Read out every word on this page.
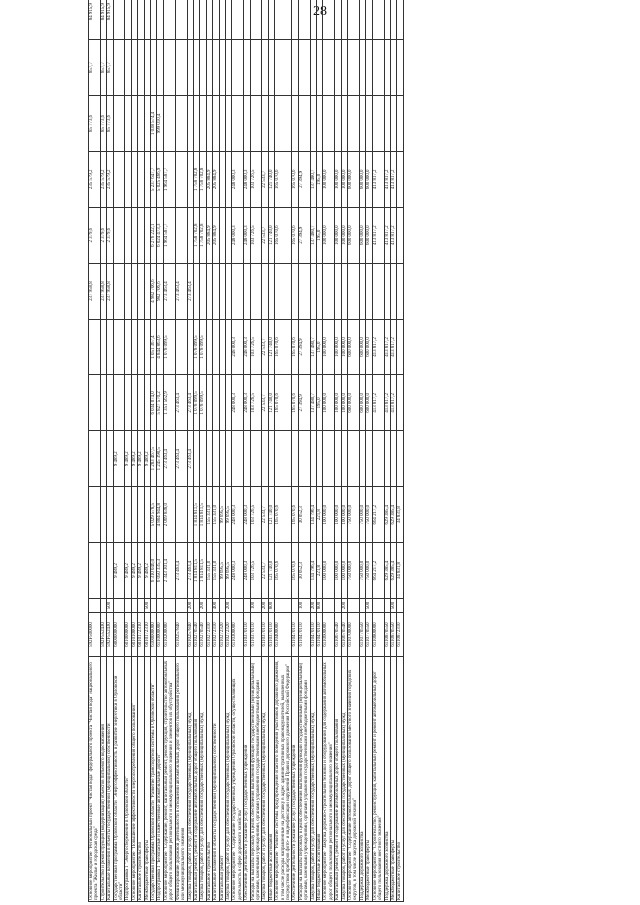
28
Основное мероприятие "Региональный проект "Чистая вода" федерального проекта "Чистая вода" национального проекта "Жилье и городская среда"	592F500000							237 958,8	2 379,6	235 579,2	85 773,6	857,7	84 915,9
Строительство и реконструкция (модернизация) объектов питьевого водоснабжения	592F552430							237 958,8	2 379,6	235 579,2	85 773,6	857,7	84 915,9
Капитальные вложения в объекты государственной (муниципальной) собственности	592F552430	500						237 958,8	2 379,6	235 579,2	85 773,6	857,7	84 915,9
Государственная программа Орловской области "Энергоэффективность и развитие энергетики в Орловской области"	6000000000		9 489,2		9 489,2								
Подпрограмма 1 "Энергосбережение в Орловской области"	6010000000		9 489,2		9 489,2								
Основное мероприятие "Повышение эффективности энергопотребления общего пользования"	6010100000		9 489,2		9 489,2								
Капитальное строительство	6010172310		9 489,2		9 489,2								
Межбюджетные трансферты	6010172310	500	9 489,2		9 489,2								
Государственная программа Орловской области "Развитие транспортной системы в Орловской области"	6100000000		6 310 046,0	5 029 578,5	1 283 467,5	6 034 074,0	1 051 367,4	4 982 706,6	6 276 222,1	5 237 647,7	1 038 574,4		
Подпрограмма 1 "Безопасные и качественные автомобильные дороги"	6110000000		6 050 335,3	4 804 944,8	1 245 390,5	5 827 570,2	4 844 863,6	982 706,6	6 024 473,3	5 025 466,9	999 010,4		
Основное мероприятие "Содержание, ремонт, капитальный ремонт, реконструкция, строительство автомобильных дорог общего пользования регионального и межмуниципального значения и элементов их обустройства"	6110200000		2 343 301,4	2 069 838,0	273 463,4	1 351 562,9	1 078 099,5	273 463,4	1 964 587,7	1 964 587,7			
Финансирование дорожной деятельности в отношении автомобильных дорог общего пользования регионального или межмуниципального значения	6110257840		273 463,4		273 463,4	273 463,4		273 463,4					
Закупка товаров, работ и услуг для обеспечения государственных (муниципальных) нужд	6110257840	200	273 463,4		273 463,4	273 463,4		273 463,4					
Капитальный ремонт, ремонт и содержание автомобильных дорог общего пользования	6110270540		1 814 811,5	1 814 811,5		1 078 099,5	1 078 099,5		1 758 702,8	1 758 702,8			
Закупка товаров, работ и услуг для обеспечения государственных (муниципальных) нужд	6110270540	200	1 814 811,5	1 814 811,5		1 078 099,5	1 078 099,5		1 758 702,8	1 758 702,8			
Капитальное строительство	6110272310		155 331,0	155 331,0					205 884,9	205 884,9			
Капитальные вложения в объекты государственной (муниципальной) собственности	6110272310	400	155 331,0	155 331,0					205 884,9	205 884,9			
Капитальный ремонт	6110272320		99 695,5	99 695,5									
Закупка товаров, работ и услуг для обеспечения государственных (муниципальных) нужд	6110272320	200	99 695,5	99 695,5									
Основное мероприятие "Содержание государственных учреждений Орловской области, осуществляющих деятельность в сфере дорожного хозяйства"	6110300000		248 000,3	248 000,3		248 000,3	248 000,3		248 000,3	248 000,3			
Обеспечение деятельности (оказание услуг) государственных учреждений	6110370110		248 000,3	248 000,3		248 000,3	248 000,3		248 000,3	248 000,3			
Расходы на выплаты персоналу в целях обеспечения выполнения функций государственными (муниципальными) органами, казенными учреждениями, органами управления государственными внебюджетными фондами	6110370110	100	103 726,5	103 726,5		103 726,5	103 726,5		103 726,5	103 726,5			
Закупка товаров, работ и услуг для обеспечения государственных (муниципальных) нужд	6110370110	200	22 533,7	22 533,7		22 533,7	22 533,7		22 533,7	22 533,7			
Иные бюджетные ассигнования	6110370110	800	121 740,0	121 740,0		121 740,0	121 740,0		121 740,0	121 740,0			
Основное мероприятие "Развитие системы предупреждения опасного поведения участников дорожного движения, в том числе расходы направленные на доставку в адрес административных правонарушителей, выявленных посредством приборов фото- и видеофиксации нарушений Правил дорожного движения Российской Федерации"	6110400000		165 070,6	165 070,6		165 070,6	165 070,6		165 070,6	165 070,6			
Обеспечение деятельности (оказание услуг) государственных учреждений	6110470110		165 070,6	165 070,6		165 070,6	165 070,6		165 070,6	165 070,6			
Расходы на выплаты персоналу в целях обеспечения выполнения функций государственными (муниципальными) органами, казенными учреждениями, органами управления государственными внебюджетными фондами	6110470110	100	30 052,3	30 052,3		27 394,9	27 394,9		27 394,9	27 394,9			
Закупка товаров, работ и услуг для обеспечения государственных (муниципальных) нужд	6110470110	200	134 796,4	134 796,4		137 480,7	137 480,7		137 480,7	137 480,7			
Иные бюджетные ассигнования	6110470110	800	221,8	221,8		195,0	195,0		195,0	195,0			
Основное мероприятие "Закупка дорожно-строительной техники и оборудования для содержания автомобильных дорог общего пользования регионального и межмуниципального значения"	6110600000		100 000,0	100 000,0		100 000,0	100 000,0		100 000,0	100 000,0			
Капитальный ремонт, ремонт и содержание автомобильных дорог общего пользования	6110670540		100 000,0	100 000,0		100 000,0	100 000,0		100 000,0	100 000,0			
Закупка товаров, работ и услуг для обеспечения государственных (муниципальных) нужд	6110670540	200	100 000,0	100 000,0		100 000,0	100 000,0		100 000,0	100 000,0			
Основное мероприятие "Содержание автомобильных дорог общего пользования местного значения городских округов, в том числе закупка дорожной техники"	6110700000		750 000,0	750 000,0		600 000,0	600 000,0		600 000,0	600 000,0			
Поддержка дорожного хозяйства	6110770550		750 000,0	750 000,0		600 000,0	600 000,0		600 000,0	600 000,0			
Межбюджетные трансферты	6110770550	500	750 000,0	750 000,0		600 000,0	600 000,0		600 000,0	600 000,0			
Основное мероприятие "Строительство, реконструкция, капитальный ремонт и ремонт автомобильных дорог общего пользования местного значения"	6110800000		664 217,2	664 217,2		413 817,2	413 817,2		413 817,2	413 817,2			
Поддержка дорожного хозяйства	6110870550		629 385,4	629 385,4		413 817,2	413 817,2		413 817,2	413 817,2			
Межбюджетные трансферты	6110870550	500	629 385,4	629 385,4		413 817,2	413 817,2		413 817,2	413 817,2			
Капитальное строительство	6110872310		34 831,8	34 831,8									
